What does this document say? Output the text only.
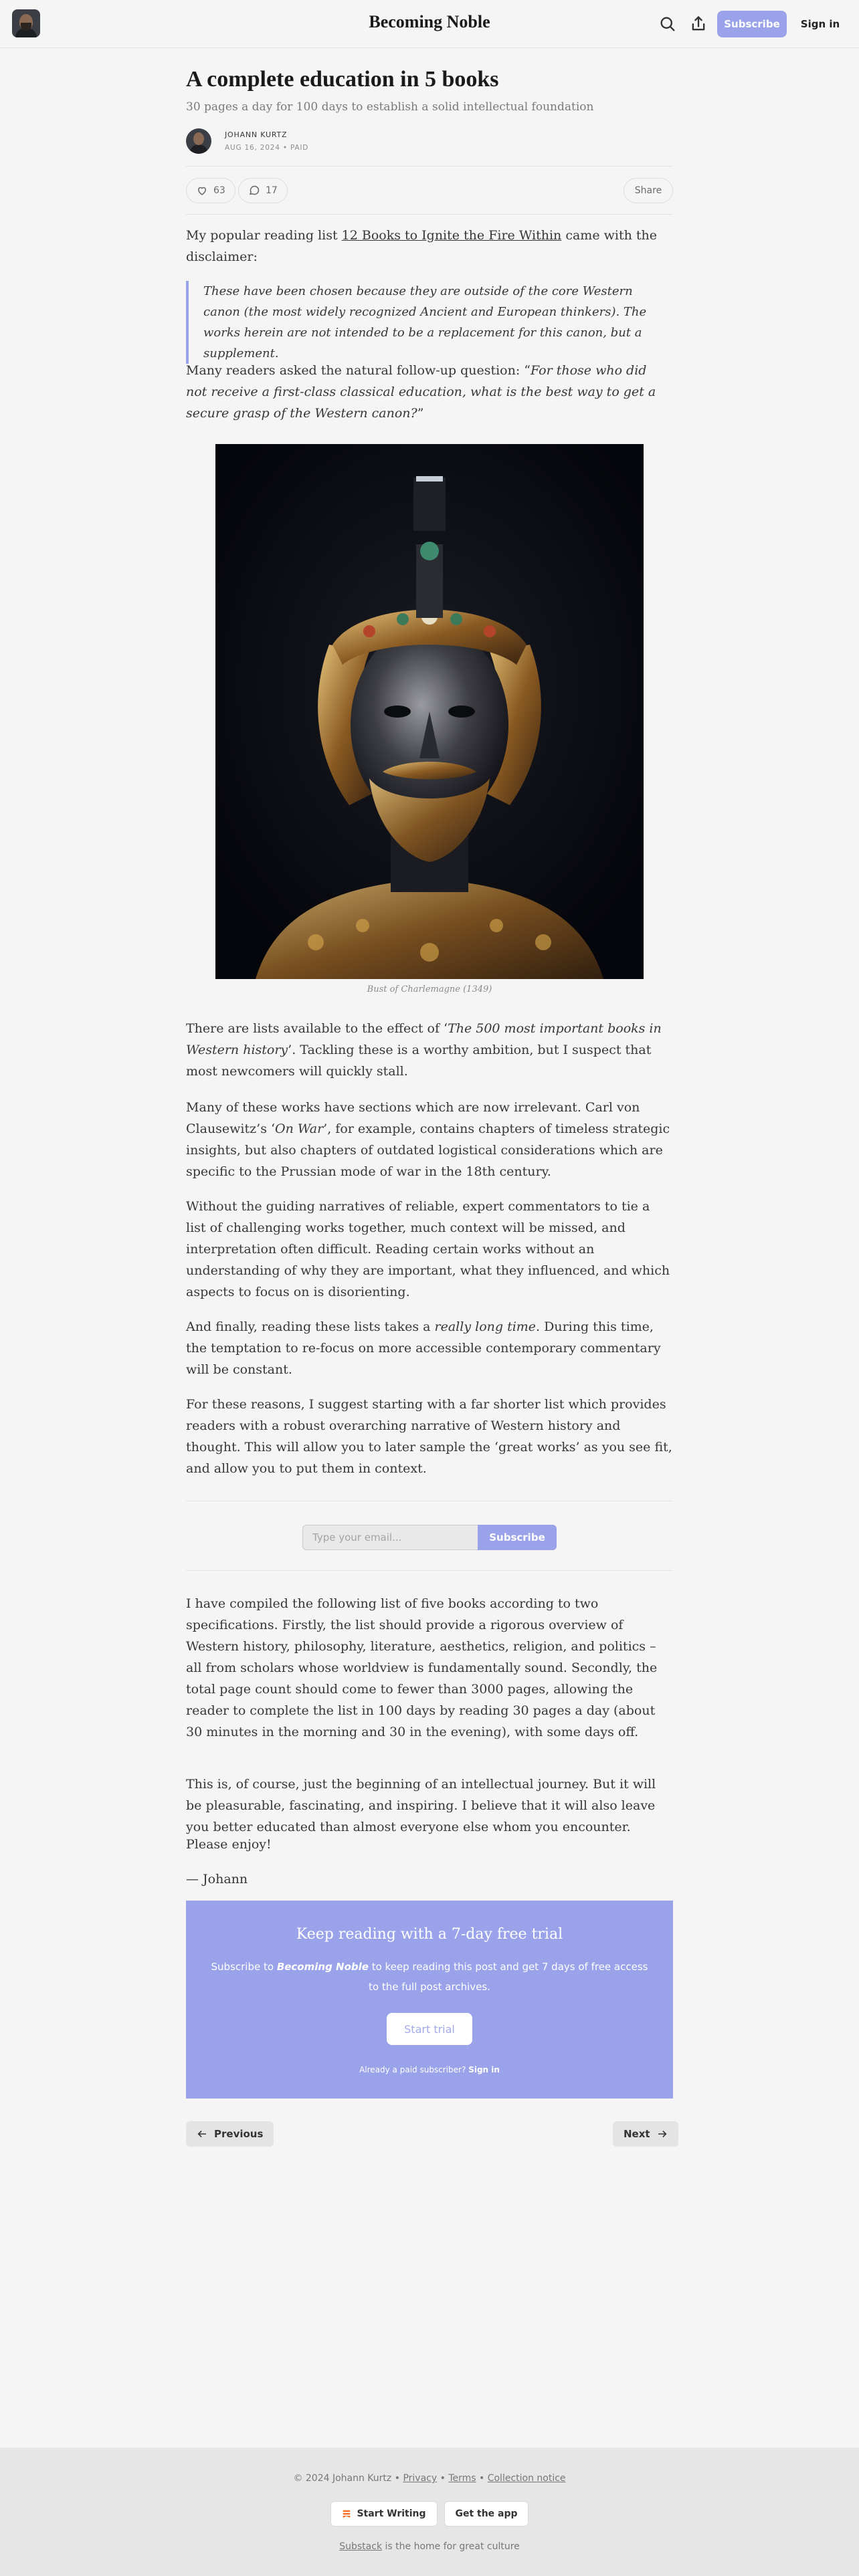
Becoming Noble	Subscribe	Sign in
A complete education in 5 books
30 pages a day for 100 days to establish a solid intellectual foundation
JOHANN KURTZ
AUG 16, 2024 • PAID
63	17	Share
My popular reading list 12 Books to Ignite the Fire Within came with the disclaimer:
These have been chosen because they are outside of the core Western canon (the most widely recognized Ancient and European thinkers). The works herein are not intended to be a replacement for this canon, but a supplement.
Many readers asked the natural follow-up question: “For those who did not receive a first-class classical education, what is the best way to get a secure grasp of the Western canon?”
Bust of Charlemagne (1349)
There are lists available to the effect of ‘The 500 most important books in Western history’. Tackling these is a worthy ambition, but I suspect that most newcomers will quickly stall.
Many of these works have sections which are now irrelevant. Carl von Clausewitz’s ‘On War’, for example, contains chapters of timeless strategic insights, but also chapters of outdated logistical considerations which are specific to the Prussian mode of war in the 18th century.
Without the guiding narratives of reliable, expert commentators to tie a list of challenging works together, much context will be missed, and interpretation often difficult. Reading certain works without an understanding of why they are important, what they influenced, and which aspects to focus on is disorienting.
And finally, reading these lists takes a really long time. During this time, the temptation to re-focus on more accessible contemporary commentary will be constant.
For these reasons, I suggest starting with a far shorter list which provides readers with a robust overarching narrative of Western history and thought. This will allow you to later sample the ‘great works’ as you see fit, and allow you to put them in context.
Type your email...	Subscribe
I have compiled the following list of five books according to two specifications. Firstly, the list should provide a rigorous overview of Western history, philosophy, literature, aesthetics, religion, and politics – all from scholars whose worldview is fundamentally sound. Secondly, the total page count should come to fewer than 3000 pages, allowing the reader to complete the list in 100 days by reading 30 pages a day (about 30 minutes in the morning and 30 in the evening), with some days off.
This is, of course, just the beginning of an intellectual journey. But it will be pleasurable, fascinating, and inspiring. I believe that it will also leave you better educated than almost everyone else whom you encounter.
Please enjoy!
— Johann
Keep reading with a 7-day free trial
Subscribe to Becoming Noble to keep reading this post and get 7 days of free access to the full post archives.
Start trial
Already a paid subscriber? Sign in
Previous	Next
© 2024 Johann Kurtz • Privacy • Terms • Collection notice
Start Writing	Get the app
Substack is the home for great culture
